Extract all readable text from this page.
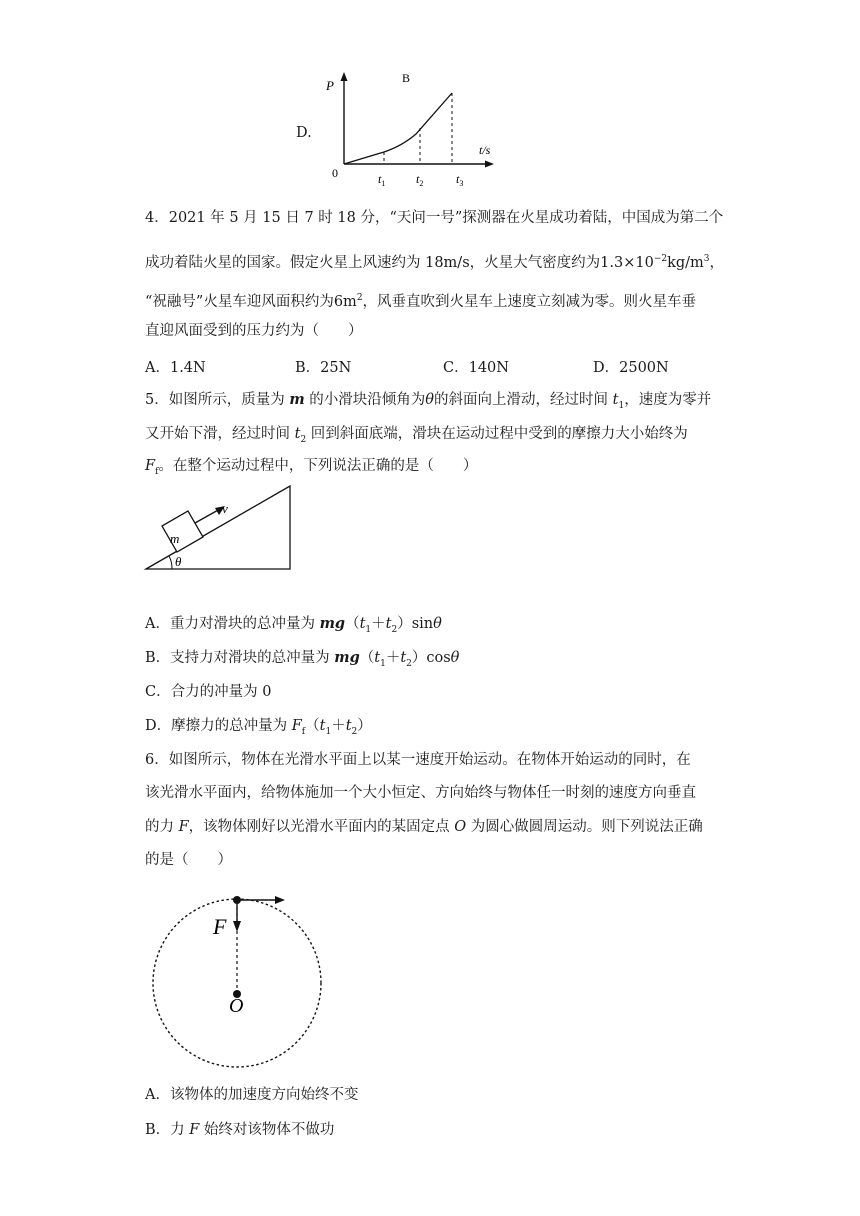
D.
P	B
t/s
0	$t_1$	$t_2$	$t_3$
4．2021 年 5 月 15 日 7 时 18 分，“天问一号”探测器在火星成功着陆，中国成为第二个
成功着陆火星的国家。假定火星上风速约为 18m/s，火星大气密度约为$1.3\times 10^{-2}kg/m^3$，
“祝融号”火星车迎风面积约为$6m^2$，风垂直吹到火星车上速度立刻减为零。则火星车垂
直迎风面受到的压力约为（　　）
A．1.4N	B．25N	C．140N	D．2500N
5．如图所示，质量为 m 的小滑块沿倾角为θ的斜面向上滑动，经过时间 $t_1$，速度为零并
又开始下滑，经过时间 $t_2$ 回到斜面底端，滑块在运动过程中受到的摩擦力大小始终为
$F_f$。在整个运动过程中，下列说法正确的是（　　）
m
v
θ
A．重力对滑块的总冲量为 $mg(t_1+t_2)\sin\theta$
B．支持力对滑块的总冲量为 $mg(t_1+t_2)\cos\theta$
C．合力的冲量为 0
D．摩擦力的总冲量为 $F_f(t_1+t_2)$
6．如图所示，物体在光滑水平面上以某一速度开始运动。在物体开始运动的同时，在
该光滑水平面内，给物体施加一个大小恒定、方向始终与物体任一时刻的速度方向垂直
的力 F，该物体刚好以光滑水平面内的某固定点 O 为圆心做圆周运动。则下列说法正确
的是（　　）
F
O
A．该物体的加速度方向始终不变
B．力 F 始终对该物体不做功
